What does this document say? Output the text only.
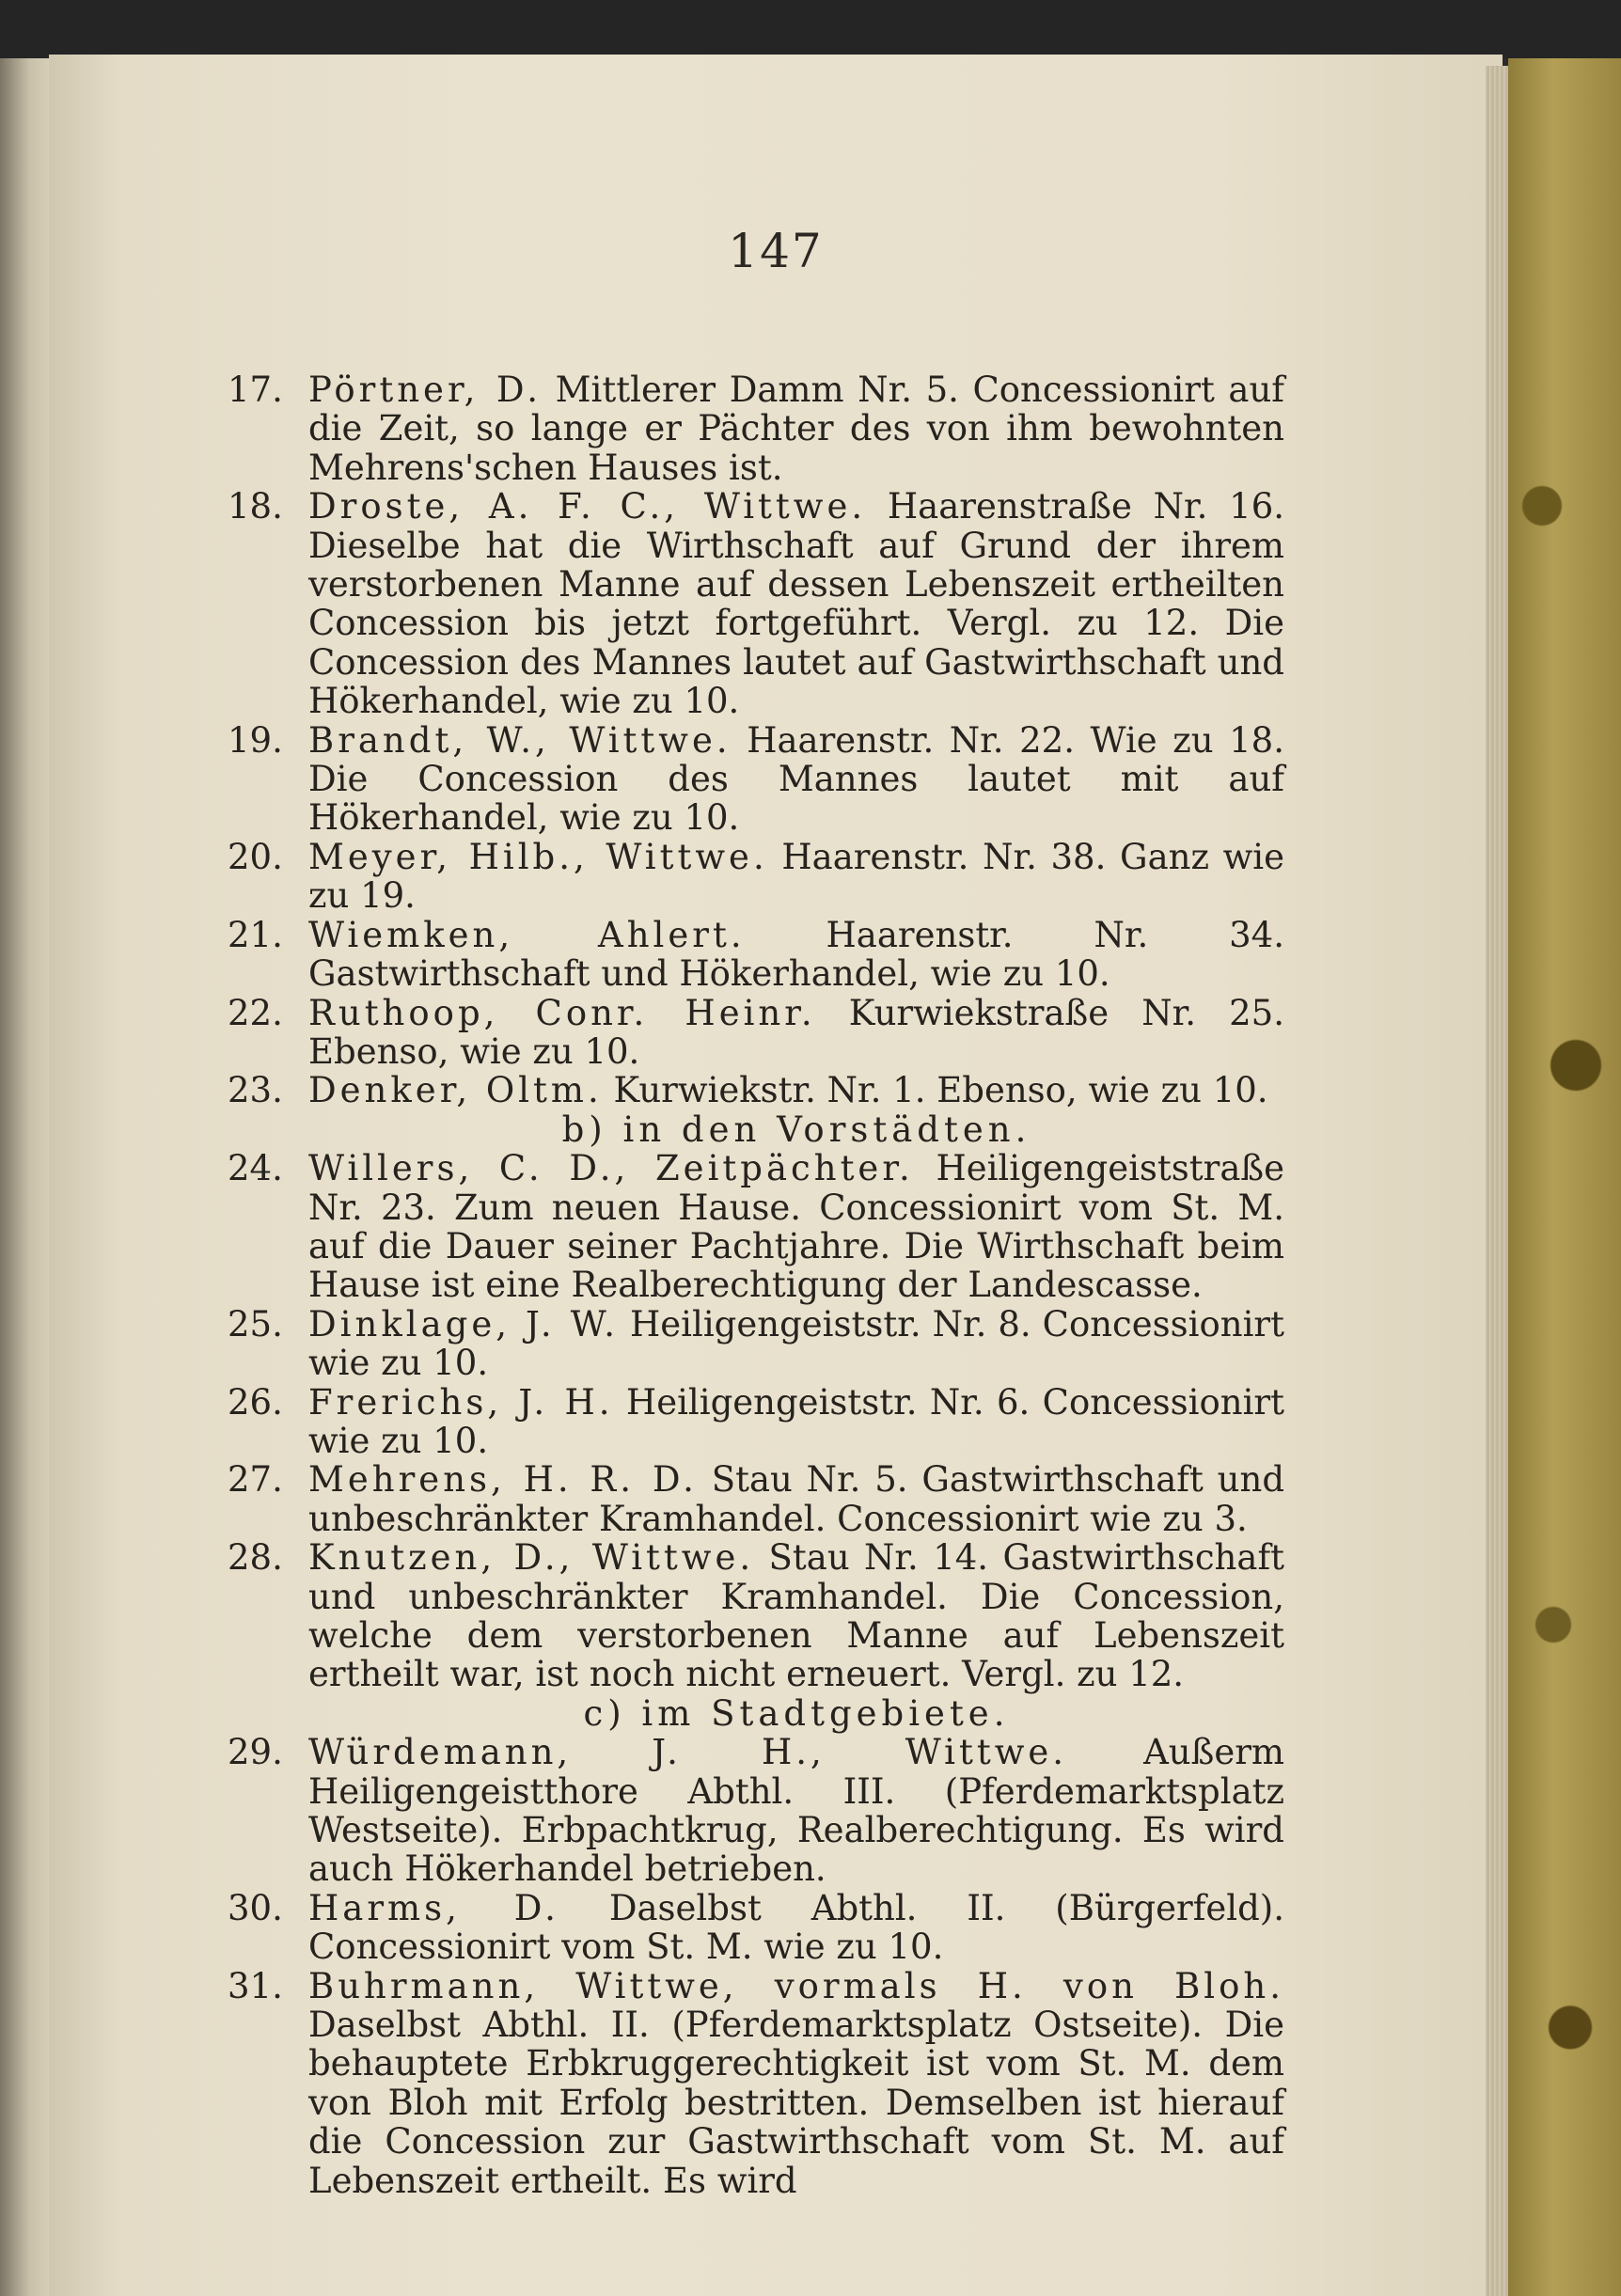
147
17. Pörtner, D. Mittlerer Damm Nr. 5. Concessionirt auf die Zeit, so lange er Pächter des von ihm bewohnten Mehrens'schen Hauses ist.
18. Droste, A. F. C., Wittwe. Haarenstraße Nr. 16. Dieselbe hat die Wirthschaft auf Grund der ihrem verstorbenen Manne auf dessen Lebenszeit ertheilten Concession bis jetzt fortgeführt. Vergl. zu 12. Die Concession des Mannes lautet auf Gastwirthschaft und Hökerhandel, wie zu 10.
19. Brandt, W., Wittwe. Haarenstr. Nr. 22. Wie zu 18. Die Concession des Mannes lautet mit auf Hökerhandel, wie zu 10.
20. Meyer, Hilb., Wittwe. Haarenstr. Nr. 38. Ganz wie zu 19.
21. Wiemken, Ahlert. Haarenstr. Nr. 34. Gastwirthschaft und Hökerhandel, wie zu 10.
22. Ruthoop, Conr. Heinr. Kurwiekstraße Nr. 25. Ebenso, wie zu 10.
23. Denker, Oltm. Kurwiekstr. Nr. 1. Ebenso, wie zu 10.
b) in den Vorstädten.
24. Willers, C. D., Zeitpächter. Heiligengeiststraße Nr. 23. Zum neuen Hause. Concessionirt vom St. M. auf die Dauer seiner Pachtjahre. Die Wirthschaft beim Hause ist eine Realberechtigung der Landescasse.
25. Dinklage, J. W. Heiligengeiststr. Nr. 8. Concessionirt wie zu 10.
26. Frerichs, J. H. Heiligengeiststr. Nr. 6. Concessionirt wie zu 10.
27. Mehrens, H. R. D. Stau Nr. 5. Gastwirthschaft und unbeschränkter Kramhandel. Concessionirt wie zu 3.
28. Knutzen, D., Wittwe. Stau Nr. 14. Gastwirthschaft und unbeschränkter Kramhandel. Die Concession, welche dem verstorbenen Manne auf Lebenszeit ertheilt war, ist noch nicht erneuert. Vergl. zu 12.
c) im Stadtgebiete.
29. Würdemann, J. H., Wittwe. Außerm Heiligengeistthore Abthl. III. (Pferdemarktsplatz Westseite). Erbpachtkrug, Realberechtigung. Es wird auch Hökerhandel betrieben.
30. Harms, D. Daselbst Abthl. II. (Bürgerfeld). Concessionirt vom St. M. wie zu 10.
31. Buhrmann, Wittwe, vormals H. von Bloh. Daselbst Abthl. II. (Pferdemarktsplatz Ostseite). Die behauptete Erbkruggerechtigkeit ist vom St. M. dem von Bloh mit Erfolg bestritten. Demselben ist hierauf die Concession zur Gastwirthschaft vom St. M. auf Lebenszeit ertheilt. Es wird
